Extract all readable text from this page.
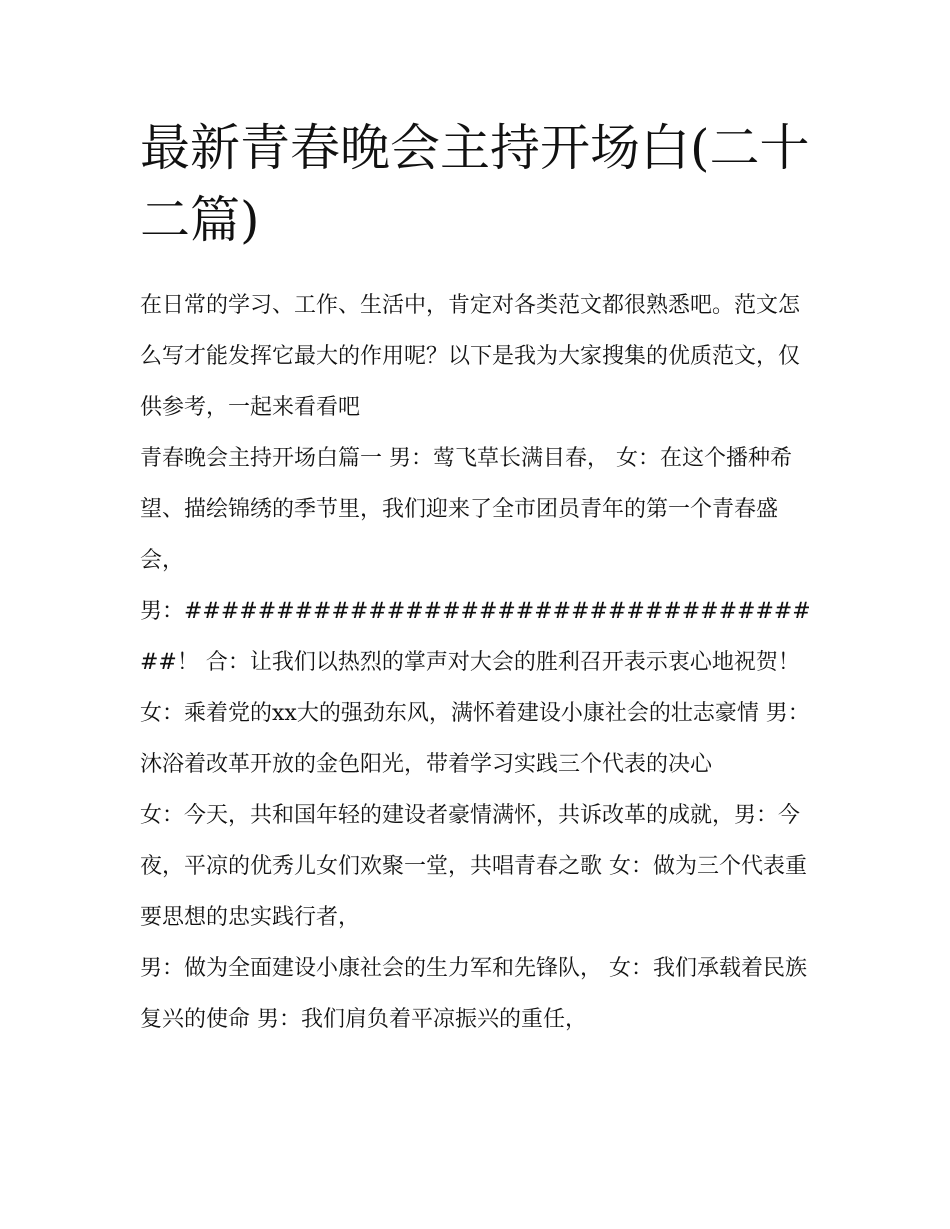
最新青春晚会主持开场白(二十二篇)

在日常的学习、工作、生活中，肯定对各类范文都很熟悉吧。范文怎么写才能发挥它最大的作用呢？以下是我为大家搜集的优质范文，仅供参考，一起来看看吧

青春晚会主持开场白篇一 男：莺飞草长满目春， 女：在这个播种希望、描绘锦绣的季节里，我们迎来了全市团员青年的第一个青春盛会，

男：####################################！ 合：让我们以热烈的掌声对大会的胜利召开表示衷心地祝贺！

女：乘着党的xx大的强劲东风，满怀着建设小康社会的壮志豪情 男：沐浴着改革开放的金色阳光，带着学习实践三个代表的决心

女：今天，共和国年轻的建设者豪情满怀，共诉改革的成就，男：今夜，平凉的优秀儿女们欢聚一堂，共唱青春之歌 女：做为三个代表重要思想的忠实践行者，

男：做为全面建设小康社会的生力军和先锋队， 女：我们承载着民族复兴的使命 男：我们肩负着平凉振兴的重任，
